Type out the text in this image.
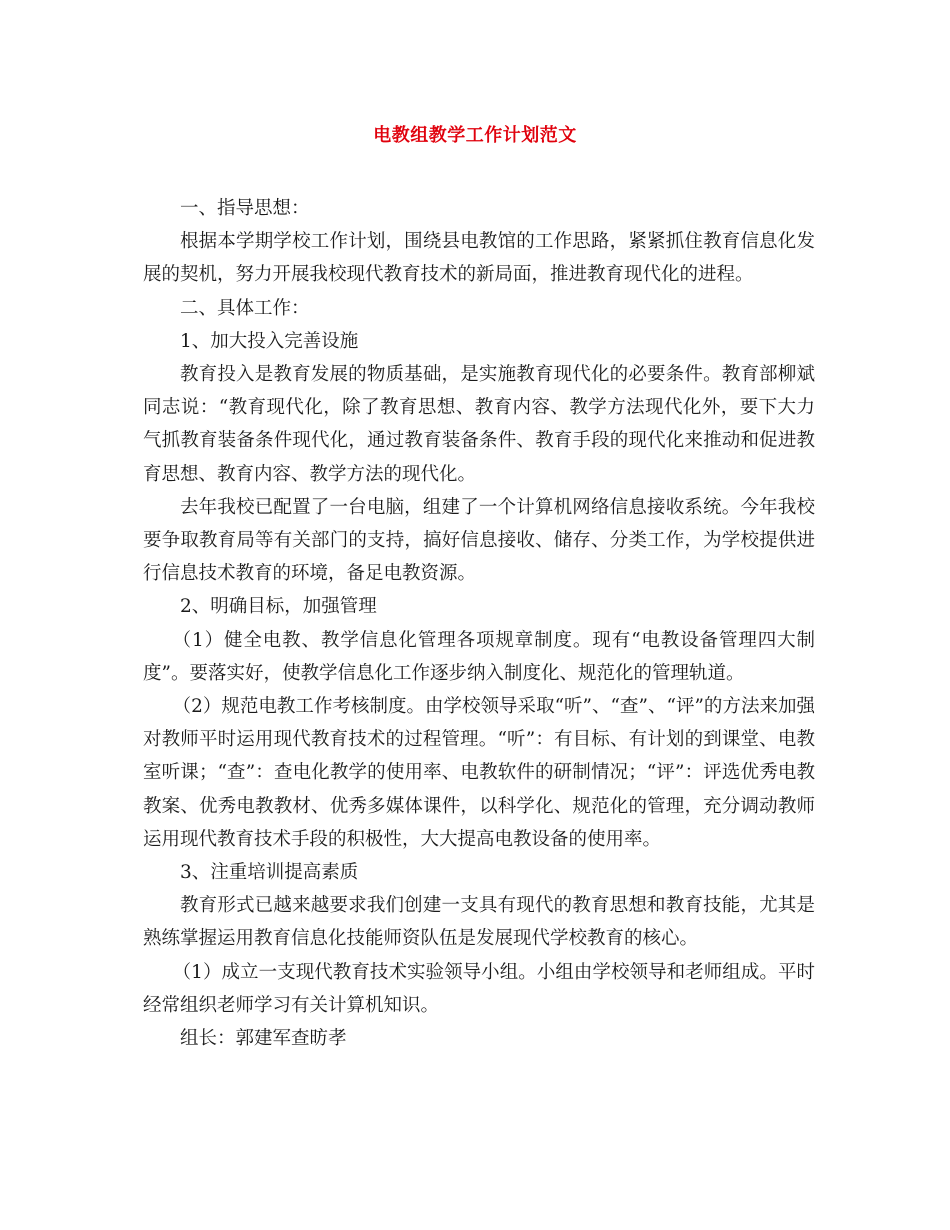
电教组教学工作计划范文

一、指导思想：

根据本学期学校工作计划，围绕县电教馆的工作思路，紧紧抓住教育信息化发展的契机，努力开展我校现代教育技术的新局面，推进教育现代化的进程。

二、具体工作：

1、加大投入完善设施

教育投入是教育发展的物质基础，是实施教育现代化的必要条件。教育部柳斌同志说：“教育现代化，除了教育思想、教育内容、教学方法现代化外，要下大力气抓教育装备条件现代化，通过教育装备条件、教育手段的现代化来推动和促进教育思想、教育内容、教学方法的现代化。

去年我校已配置了一台电脑，组建了一个计算机网络信息接收系统。今年我校要争取教育局等有关部门的支持，搞好信息接收、储存、分类工作，为学校提供进行信息技术教育的环境，备足电教资源。

2、明确目标，加强管理

（1）健全电教、教学信息化管理各项规章制度。现有“电教设备管理四大制度”。要落实好，使教学信息化工作逐步纳入制度化、规范化的管理轨道。

（2）规范电教工作考核制度。由学校领导采取“听”、“查”、“评”的方法来加强对教师平时运用现代教育技术的过程管理。“听”：有目标、有计划的到课堂、电教室听课；“查”：查电化教学的使用率、电教软件的研制情况；“评”：评选优秀电教教案、优秀电教教材、优秀多媒体课件，以科学化、规范化的管理，充分调动教师运用现代教育技术手段的积极性，大大提高电教设备的使用率。

3、注重培训提高素质

教育形式已越来越要求我们创建一支具有现代的教育思想和教育技能，尤其是熟练掌握运用教育信息化技能师资队伍是发展现代学校教育的核心。

（1）成立一支现代教育技术实验领导小组。小组由学校领导和老师组成。平时经常组织老师学习有关计算机知识。

组长：郭建军查昉孝
